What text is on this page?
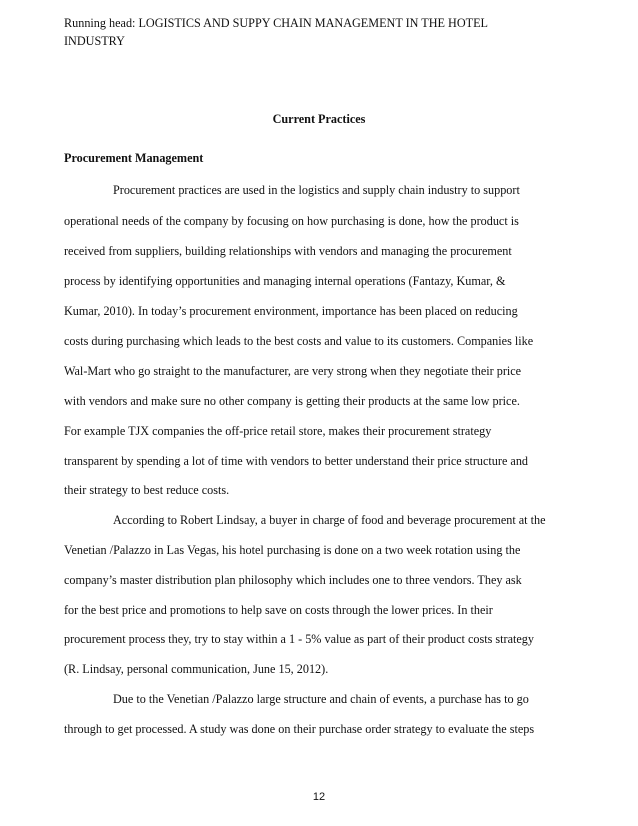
Running head: LOGISTICS AND SUPPY CHAIN MANAGEMENT IN THE HOTEL INDUSTRY
Current Practices
Procurement Management
Procurement practices are used in the logistics and supply chain industry to support
operational needs of the company by focusing on how purchasing is done, how the product is
received from suppliers, building relationships with vendors and managing the procurement
process by identifying opportunities and managing internal operations (Fantazy, Kumar, &
Kumar, 2010). In today’s procurement environment, importance has been placed on reducing
costs during purchasing which leads to the best costs and value to its customers. Companies like
Wal-Mart who go straight to the manufacturer, are very strong when they negotiate their price
with vendors and make sure no other company is getting their products at the same low price.
For example TJX companies the off-price retail store, makes their procurement strategy
transparent by spending a lot of time with vendors to better understand their price structure and
their strategy to best reduce costs.
According to Robert Lindsay, a buyer in charge of food and beverage procurement at the
Venetian /Palazzo in Las Vegas, his hotel purchasing is done on a two week rotation using the
company’s master distribution plan philosophy which includes one to three vendors. They ask
for the best price and promotions to help save on costs through the lower prices. In their
procurement process they, try to stay within a 1 - 5% value as part of their product costs strategy
(R. Lindsay, personal communication, June 15, 2012).
Due to the Venetian /Palazzo large structure and chain of events, a purchase has to go
through to get processed. A study was done on their purchase order strategy to evaluate the steps
12
